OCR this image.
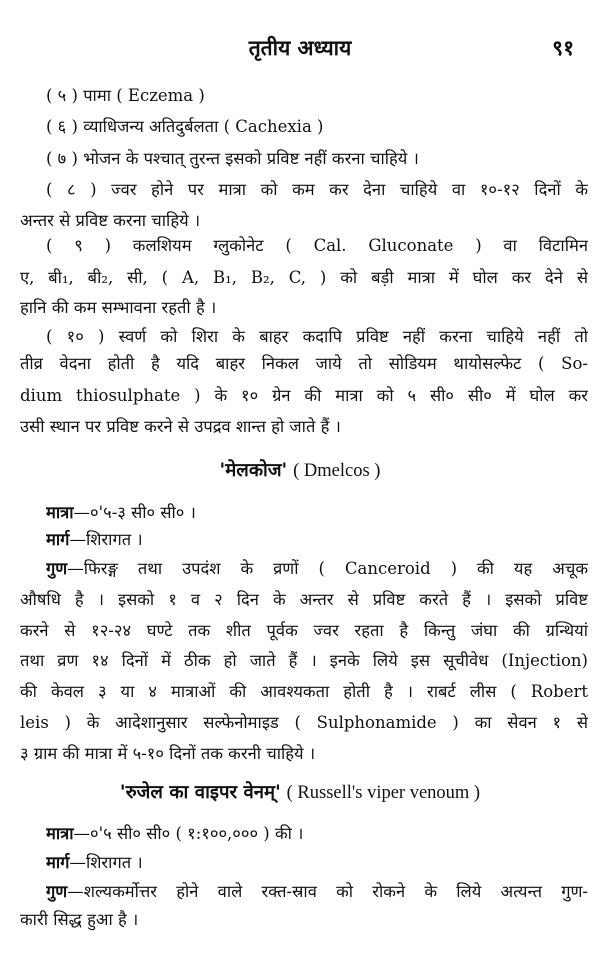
तृतीय अध्याय	९१
( ५ ) पामा ( Eczema )
( ६ ) व्याधिजन्य अतिदुर्बलता ( Cachexia )
( ७ ) भोजन के पश्चात् तुरन्त इसको प्रविष्ट नहीं करना चाहिये ।
( ८ ) ज्वर होने पर मात्रा को कम कर देना चाहिये वा १०-१२ दिनों के
अन्तर से प्रविष्ट करना चाहिये ।
( ९ ) कलशियम ग्लुकोनेट ( Cal. Gluconate ) वा विटामिन
ए, बी₁, बी₂, सी, ( A, B₁, B₂, C, ) को बड़ी मात्रा में घोल कर देने से
हानि की कम सम्भावना रहती है ।
( १० ) स्वर्ण को शिरा के बाहर कदापि प्रविष्ट नहीं करना चाहिये नहीं तो
तीव्र वेदना होती है यदि बाहर निकल जाये तो सोडियम थायोसल्फेट ( So-
dium thiosulphate ) के १० ग्रेन की मात्रा को ५ सी० सी० में घोल कर
उसी स्थान पर प्रविष्ट करने से उपद्रव शान्त हो जाते हैं ।
'मेलकोज' ( Dmelcos )
मात्रा—०'५-३ सी० सी० ।
मार्ग—शिरागत ।
गुण—फिरङ्ग तथा उपदंश के व्रणों ( Canceroid ) की यह अचूक
औषधि है । इसको १ व २ दिन के अन्तर से प्रविष्ट करते हैं । इसको प्रविष्ट
करने से १२-२४ घण्टे तक शीत पूर्वक ज्वर रहता है किन्तु जंघा की ग्रन्थियां
तथा व्रण १४ दिनों में ठीक हो जाते हैं । इनके लिये इस सूचीवेध (Injection)
की केवल ३ या ४ मात्राओं की आवश्यकता होती है । राबर्ट लीस ( Robert
leis ) के आदेशानुसार सल्फेनोमाइड ( Sulphonamide ) का सेवन १ से
३ ग्राम की मात्रा में ५-१० दिनों तक करनी चाहिये ।
'रुजेल का वाइपर वेनम्' ( Russell's viper venoum )
मात्रा—०'५ सी० सी० ( १:१००,००० ) की ।
मार्ग—शिरागत ।
गुण—शल्यकर्मोत्तर होने वाले रक्त-स्राव को रोकने के लिये अत्यन्त गुण-
कारी सिद्ध हुआ है ।
